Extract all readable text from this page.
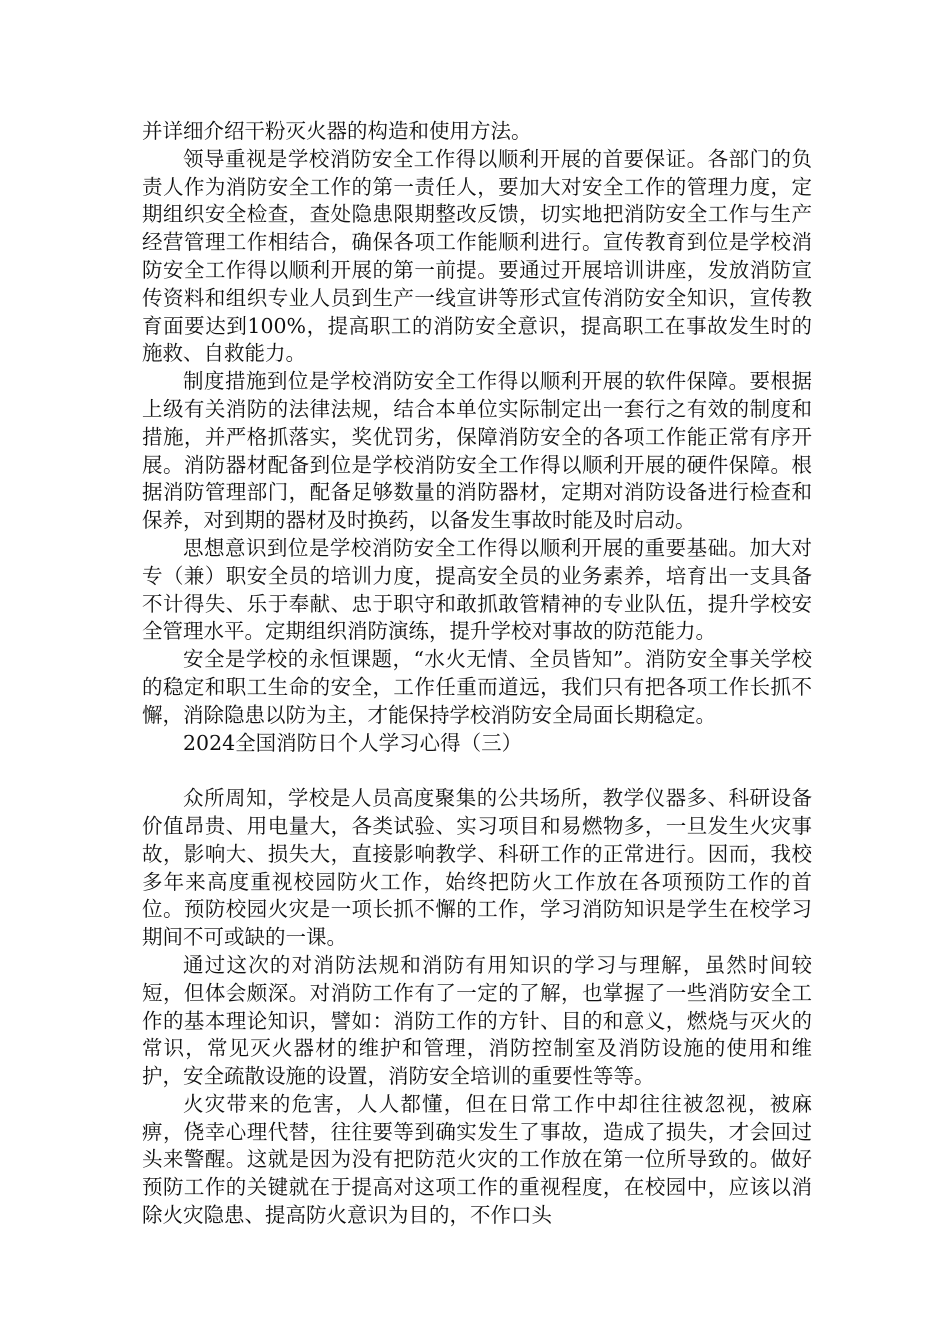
并详细介绍干粉灭火器的构造和使用方法。

领导重视是学校消防安全工作得以顺利开展的首要保证。各部门的负责人作为消防安全工作的第一责任人，要加大对安全工作的管理力度，定期组织安全检查，查处隐患限期整改反馈，切实地把消防安全工作与生产经营管理工作相结合，确保各项工作能顺利进行。宣传教育到位是学校消防安全工作得以顺利开展的第一前提。要通过开展培训讲座，发放消防宣传资料和组织专业人员到生产一线宣讲等形式宣传消防安全知识，宣传教育面要达到100%，提高职工的消防安全意识，提高职工在事故发生时的施救、自救能力。

制度措施到位是学校消防安全工作得以顺利开展的软件保障。要根据上级有关消防的法律法规，结合本单位实际制定出一套行之有效的制度和措施，并严格抓落实，奖优罚劣，保障消防安全的各项工作能正常有序开展。消防器材配备到位是学校消防安全工作得以顺利开展的硬件保障。根据消防管理部门，配备足够数量的消防器材，定期对消防设备进行检查和保养，对到期的器材及时换药，以备发生事故时能及时启动。

思想意识到位是学校消防安全工作得以顺利开展的重要基础。加大对专（兼）职安全员的培训力度，提高安全员的业务素养，培育出一支具备不计得失、乐于奉献、忠于职守和敢抓敢管精神的专业队伍，提升学校安全管理水平。定期组织消防演练，提升学校对事故的防范能力。

安全是学校的永恒课题，“水火无情、全员皆知”。消防安全事关学校的稳定和职工生命的安全，工作任重而道远，我们只有把各项工作长抓不懈，消除隐患以防为主，才能保持学校消防安全局面长期稳定。

2024全国消防日个人学习心得（三）

众所周知，学校是人员高度聚集的公共场所，教学仪器多、科研设备价值昂贵、用电量大，各类试验、实习项目和易燃物多，一旦发生火灾事故，影响大、损失大，直接影响教学、科研工作的正常进行。因而，我校多年来高度重视校园防火工作，始终把防火工作放在各项预防工作的首位。预防校园火灾是一项长抓不懈的工作，学习消防知识是学生在校学习期间不可或缺的一课。

通过这次的对消防法规和消防有用知识的学习与理解，虽然时间较短，但体会颇深。对消防工作有了一定的了解，也掌握了一些消防安全工作的基本理论知识，譬如：消防工作的方针、目的和意义，燃烧与灭火的常识，常见灭火器材的维护和管理，消防控制室及消防设施的使用和维护，安全疏散设施的设置，消防安全培训的重要性等等。

火灾带来的危害，人人都懂，但在日常工作中却往往被忽视，被麻痹，侥幸心理代替，往往要等到确实发生了事故，造成了损失，才会回过头来警醒。这就是因为没有把防范火灾的工作放在第一位所导致的。做好预防工作的关键就在于提高对这项工作的重视程度，在校园中，应该以消除火灾隐患、提高防火意识为目的，不作口头
